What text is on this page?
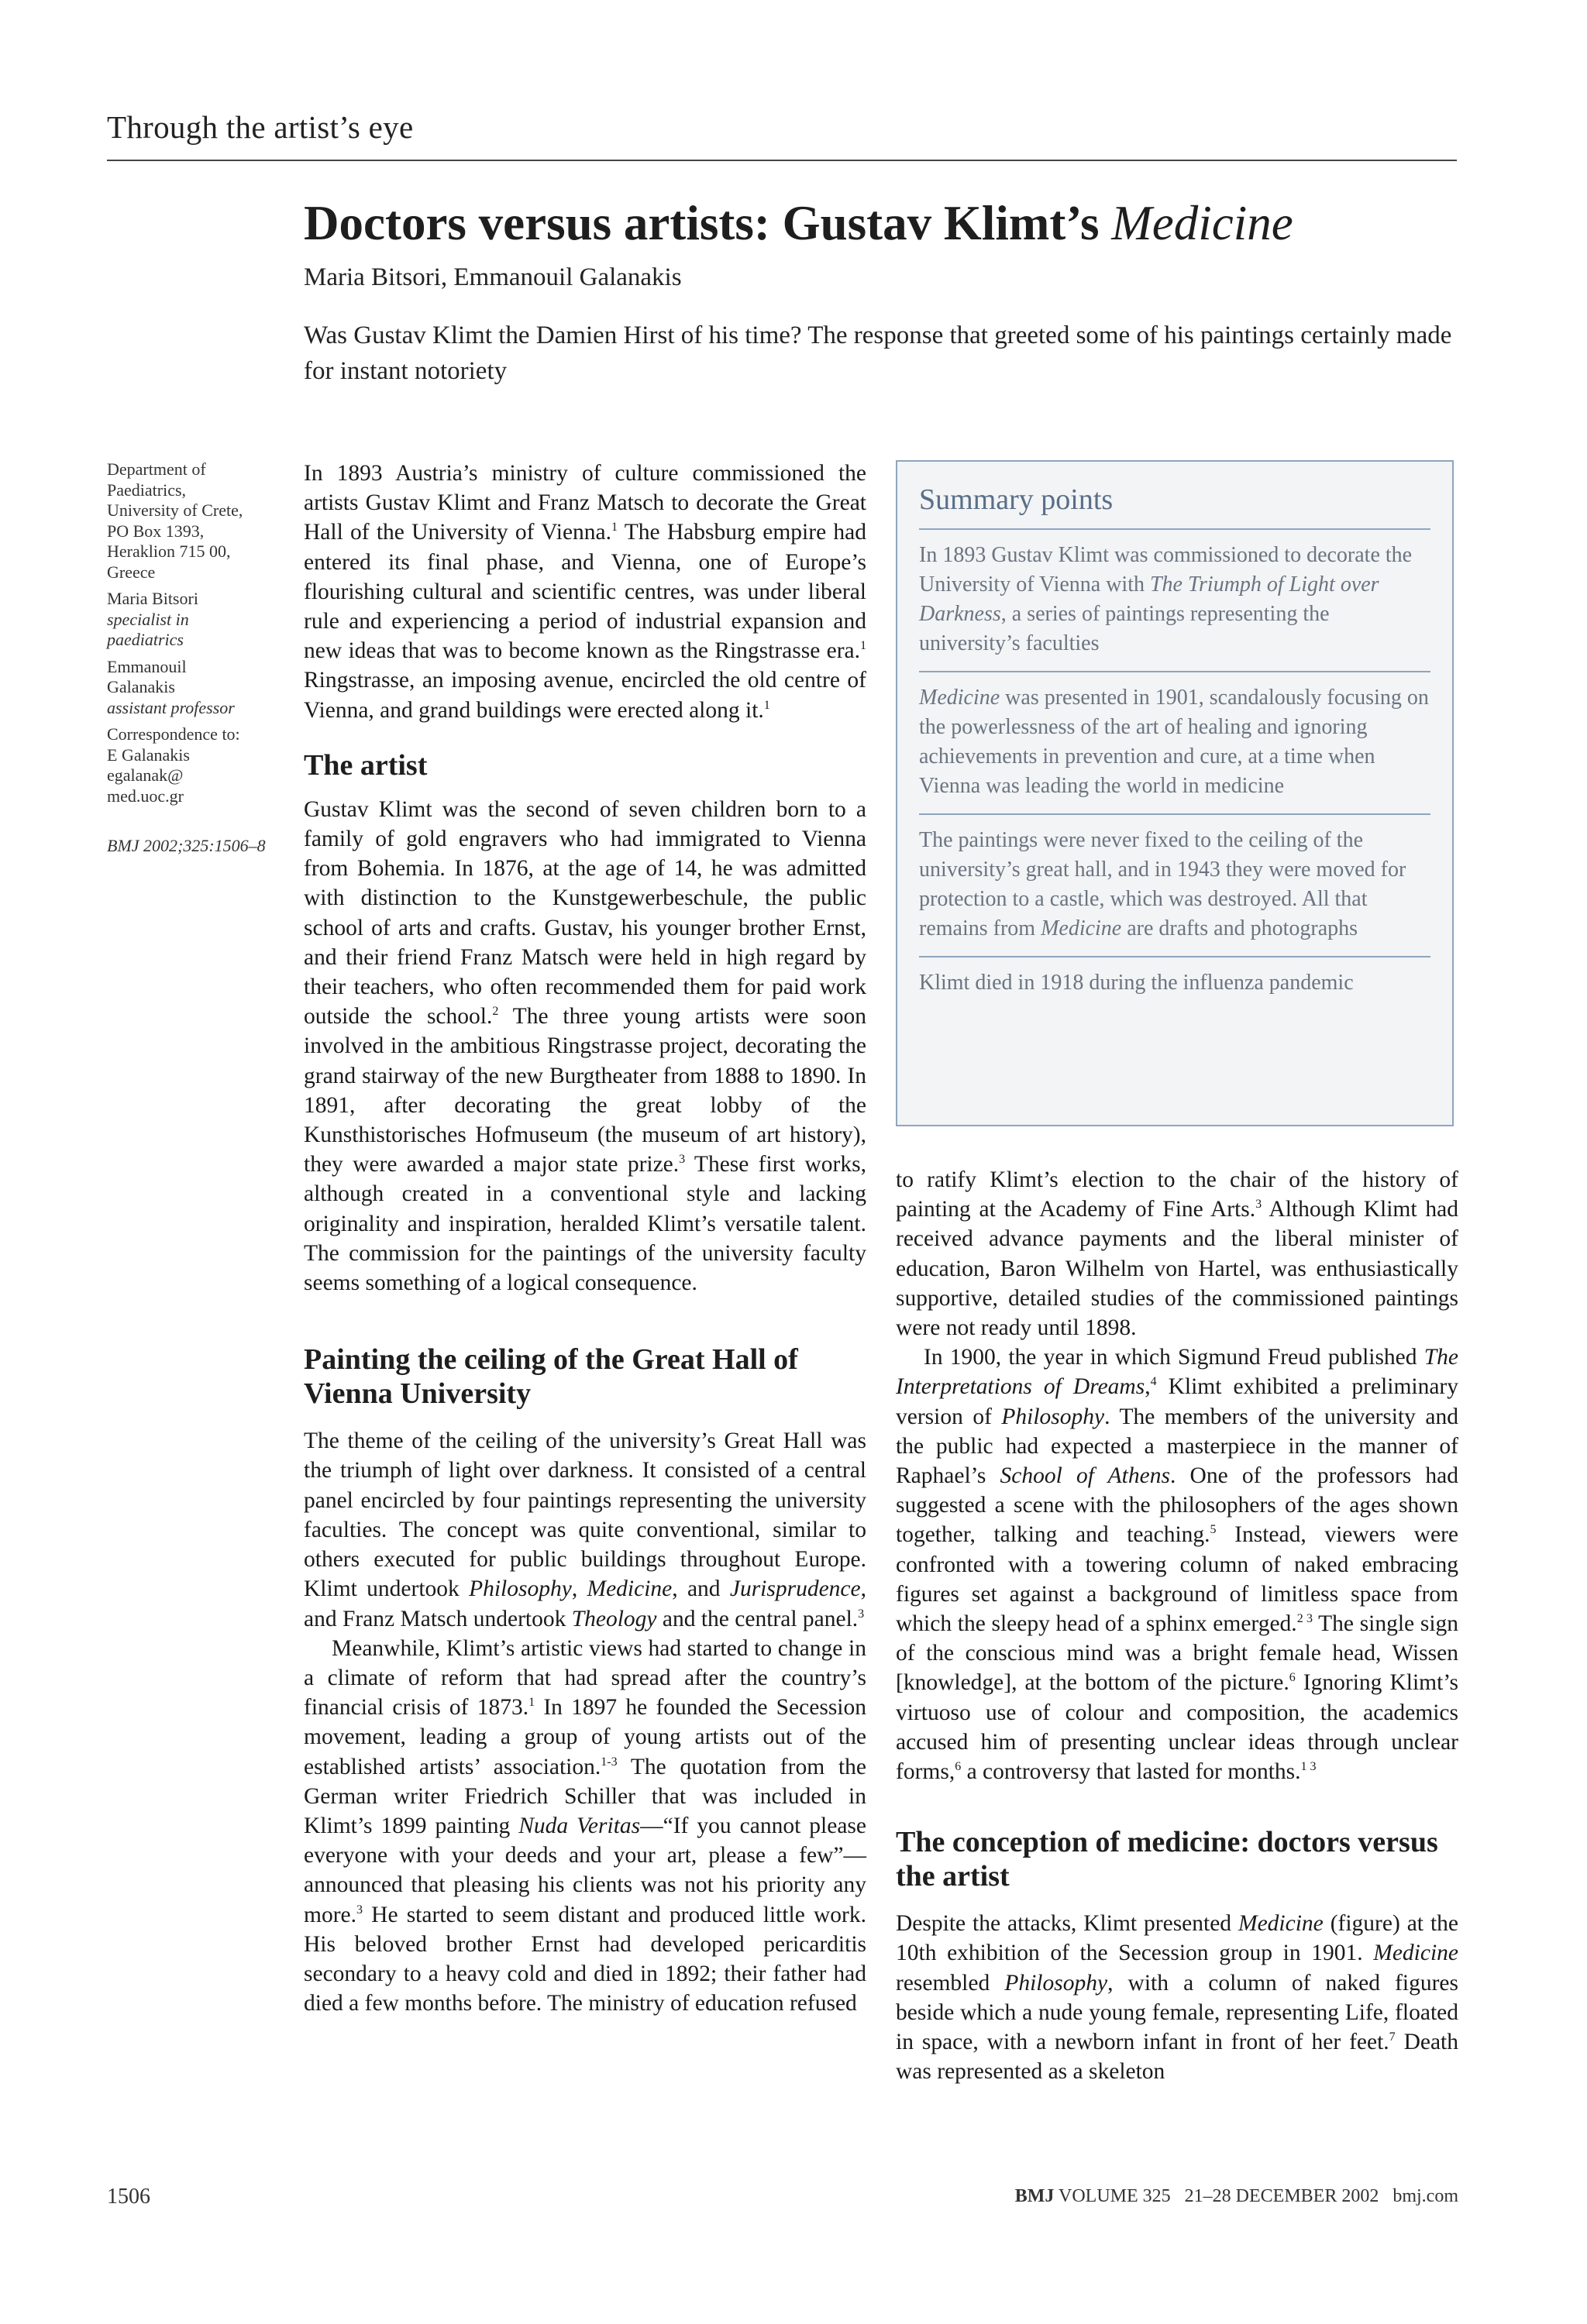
Through the artist’s eye
Doctors versus artists: Gustav Klimt’s Medicine
Maria Bitsori, Emmanouil Galanakis
Was Gustav Klimt the Damien Hirst of his time? The response that greeted some of his paintings certainly made for instant notoriety

Department of
Paediatrics,
University of Crete,
PO Box 1393,
Heraklion 715 00,
Greece

Maria Bitsori
specialist in
paediatrics

Emmanouil
Galanakis
assistant professor

Correspondence to:
E Galanakis
egalanak@
med.uoc.gr

BMJ 2002;325:1506–8

In 1893 Austria’s ministry of culture commissioned the artists Gustav Klimt and Franz Matsch to decorate the Great Hall of the University of Vienna.$^1$ The Habsburg empire had entered its final phase, and Vienna, one of Europe’s flourishing cultural and scientific centres, was under liberal rule and experiencing a period of industrial expansion and new ideas that was to become known as the Ringstrasse era.$^1$ Ringstrasse, an imposing avenue, encircled the old centre of Vienna, and grand buildings were erected along it.$^1$

The artist

Gustav Klimt was the second of seven children born to a family of gold engravers who had immigrated to Vienna from Bohemia. In 1876, at the age of 14, he was admitted with distinction to the Kunstgewerbeschule, the public school of arts and crafts. Gustav, his younger brother Ernst, and their friend Franz Matsch were held in high regard by their teachers, who often recommended them for paid work outside the school.$^2$ The three young artists were soon involved in the ambitious Ringstrasse project, decorating the grand stairway of the new Burgtheater from 1888 to 1890. In 1891, after decorating the great lobby of the Kunsthistorisches Hofmuseum (the museum of art history), they were awarded a major state prize.$^3$ These first works, although created in a conventional style and lacking originality and inspiration, heralded Klimt’s versatile talent. The commission for the paintings of the university faculty seems something of a logical consequence.

Painting the ceiling of the Great Hall of Vienna University

The theme of the ceiling of the university’s Great Hall was the triumph of light over darkness. It consisted of a central panel encircled by four paintings representing the university faculties. The concept was quite conventional, similar to others executed for public buildings throughout Europe. Klimt undertook Philosophy, Medicine, and Jurisprudence, and Franz Matsch undertook Theology and the central panel.$^3$

Meanwhile, Klimt’s artistic views had started to change in a climate of reform that had spread after the country’s financial crisis of 1873.$^1$ In 1897 he founded the Secession movement, leading a group of young artists out of the established artists’ association.$^{1-3}$ The quotation from the German writer Friedrich Schiller that was included in Klimt’s 1899 painting Nuda Veritas—“If you cannot please everyone with your deeds and your art, please a few”—announced that pleasing his clients was not his priority any more.$^3$ He started to seem distant and produced little work. His beloved brother Ernst had developed pericarditis secondary to a heavy cold and died in 1892; their father had died a few months before. The ministry of education refused

Summary points
In 1893 Gustav Klimt was commissioned to decorate the University of Vienna with The Triumph of Light over Darkness, a series of paintings representing the university’s faculties
Medicine was presented in 1901, scandalously focusing on the powerlessness of the art of healing and ignoring achievements in prevention and cure, at a time when Vienna was leading the world in medicine
The paintings were never fixed to the ceiling of the university’s great hall, and in 1943 they were moved for protection to a castle, which was destroyed. All that remains from Medicine are drafts and photographs
Klimt died in 1918 during the influenza pandemic

to ratify Klimt’s election to the chair of the history of painting at the Academy of Fine Arts.$^3$ Although Klimt had received advance payments and the liberal minister of education, Baron Wilhelm von Hartel, was enthusiastically supportive, detailed studies of the commissioned paintings were not ready until 1898.

In 1900, the year in which Sigmund Freud published The Interpretations of Dreams,$^4$ Klimt exhibited a preliminary version of Philosophy. The members of the university and the public had expected a masterpiece in the manner of Raphael’s School of Athens. One of the professors had suggested a scene with the philosophers of the ages shown together, talking and teaching.$^5$ Instead, viewers were confronted with a towering column of naked embracing figures set against a background of limitless space from which the sleepy head of a sphinx emerged.$^{2 3}$ The single sign of the conscious mind was a bright female head, Wissen [knowledge], at the bottom of the picture.$^6$ Ignoring Klimt’s virtuoso use of colour and composition, the academics accused him of presenting unclear ideas through unclear forms,$^6$ a controversy that lasted for months.$^{1 3}$

The conception of medicine: doctors versus the artist

Despite the attacks, Klimt presented Medicine (figure) at the 10th exhibition of the Secession group in 1901. Medicine resembled Philosophy, with a column of naked figures beside which a nude young female, representing Life, floated in space, with a newborn infant in front of her feet.$^7$ Death was represented as a skeleton

1506	BMJ VOLUME 325   21–28 DECEMBER 2002   bmj.com
